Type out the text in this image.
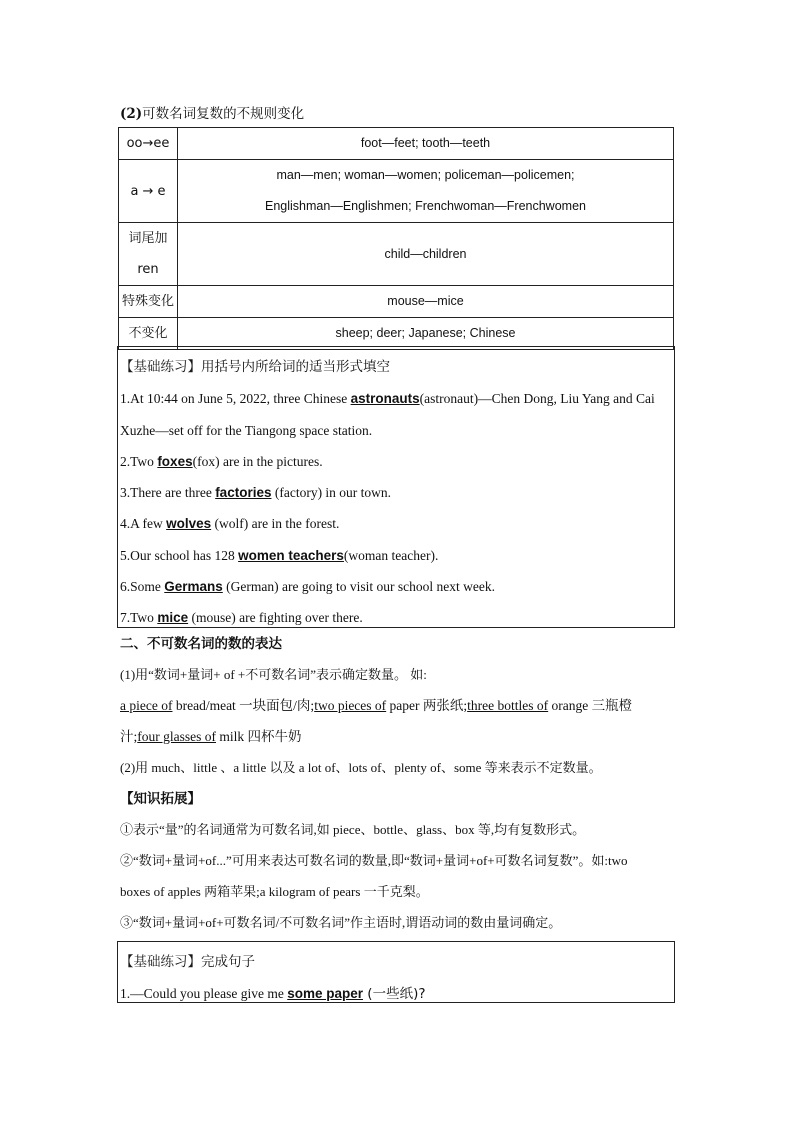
(2)可数名词复数的不规则变化
oo→ee	foot—feet; tooth—teeth

a → e	man—men; woman—women; policeman—policemen;
Englishman—Englishmen; Frenchwoman—Frenchwomen

词尾加
ren	child—children

特殊变化	mouse—mice

不变化	sheep; deer; Japanese; Chinese
【基础练习】用括号内所给词的适当形式填空
1.At 10:44 on June 5, 2022, three Chinese astronauts(astronaut)—Chen Dong, Liu Yang and Cai
Xuzhe—set off for the Tiangong space station.
2.Two foxes(fox) are in the pictures.
3.There are three factories (factory) in our town.
4.A few wolves (wolf) are in the forest.
5.Our school has 128 women teachers(woman teacher).
6.Some Germans (German) are going to visit our school next week.
7.Two mice (mouse) are fighting over there.
二、不可数名词的数的表达
(1)用“数词+量词+ of +不可数名词”表示确定数量。 如:
a piece of bread/meat 一块面包/肉;two pieces of paper 两张纸;three bottles of orange 三瓶橙
汁;four glasses of milk 四杯牛奶
(2)用 much、little 、a little 以及 a lot of、lots of、plenty of、some 等来表示不定数量。
【知识拓展】
①表示“量”的名词通常为可数名词,如 piece、bottle、glass、box 等,均有复数形式。
②“数词+量词+of...”可用来表达可数名词的数量,即“数词+量词+of+可数名词复数”。如:two
boxes of apples 两箱苹果;a kilogram of pears 一千克梨。
③“数词+量词+of+可数名词/不可数名词”作主语时,谓语动词的数由量词确定。
【基础练习】完成句子
1.—Could you please give me some paper (一些纸)?
